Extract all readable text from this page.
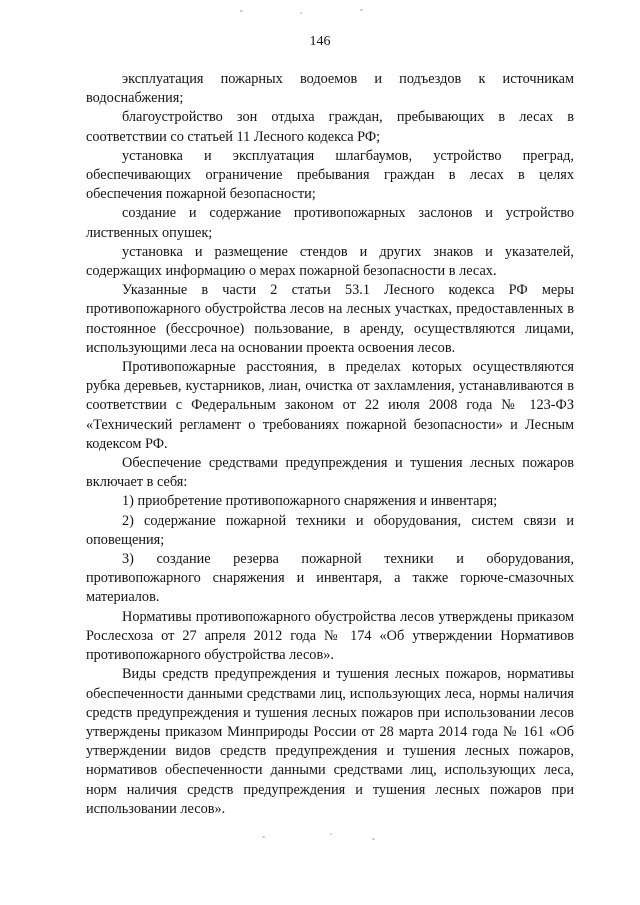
146

эксплуатация пожарных водоемов и подъездов к источникам водоснабжения;

благоустройство зон отдыха граждан, пребывающих в лесах в соответствии со статьей 11 Лесного кодекса РФ;

установка и эксплуатация шлагбаумов, устройство преград, обеспечивающих ограничение пребывания граждан в лесах в целях обеспечения пожарной безопасности;

создание и содержание противопожарных заслонов и устройство лиственных опушек;

установка и размещение стендов и других знаков и указателей, содержащих информацию о мерах пожарной безопасности в лесах.

Указанные в части 2 статьи 53.1 Лесного кодекса РФ меры противопожарного обустройства лесов на лесных участках, предоставленных в постоянное (бессрочное) пользование, в аренду, осуществляются лицами, использующими леса на основании проекта освоения лесов.

Противопожарные расстояния, в пределах которых осуществляются рубка деревьев, кустарников, лиан, очистка от захламления, устанавливаются в соответствии с Федеральным законом от 22 июля 2008 года № 123-ФЗ «Технический регламент о требованиях пожарной безопасности» и Лесным кодексом РФ.

Обеспечение средствами предупреждения и тушения лесных пожаров включает в себя:

1) приобретение противопожарного снаряжения и инвентаря;

2) содержание пожарной техники и оборудования, систем связи и оповещения;

3) создание резерва пожарной техники и оборудования, противопожарного снаряжения и инвентаря, а также горюче-смазочных материалов.

Нормативы противопожарного обустройства лесов утверждены приказом Рослесхоза от 27 апреля 2012 года № 174 «Об утверждении Нормативов противопожарного обустройства лесов».

Виды средств предупреждения и тушения лесных пожаров, нормативы обеспеченности данными средствами лиц, использующих леса, нормы наличия средств предупреждения и тушения лесных пожаров при использовании лесов утверждены приказом Минприроды России от 28 марта 2014 года № 161 «Об утверждении видов средств предупреждения и тушения лесных пожаров, нормативов обеспеченности данными средствами лиц, использующих леса, норм наличия средств предупреждения и тушения лесных пожаров при использовании лесов».
